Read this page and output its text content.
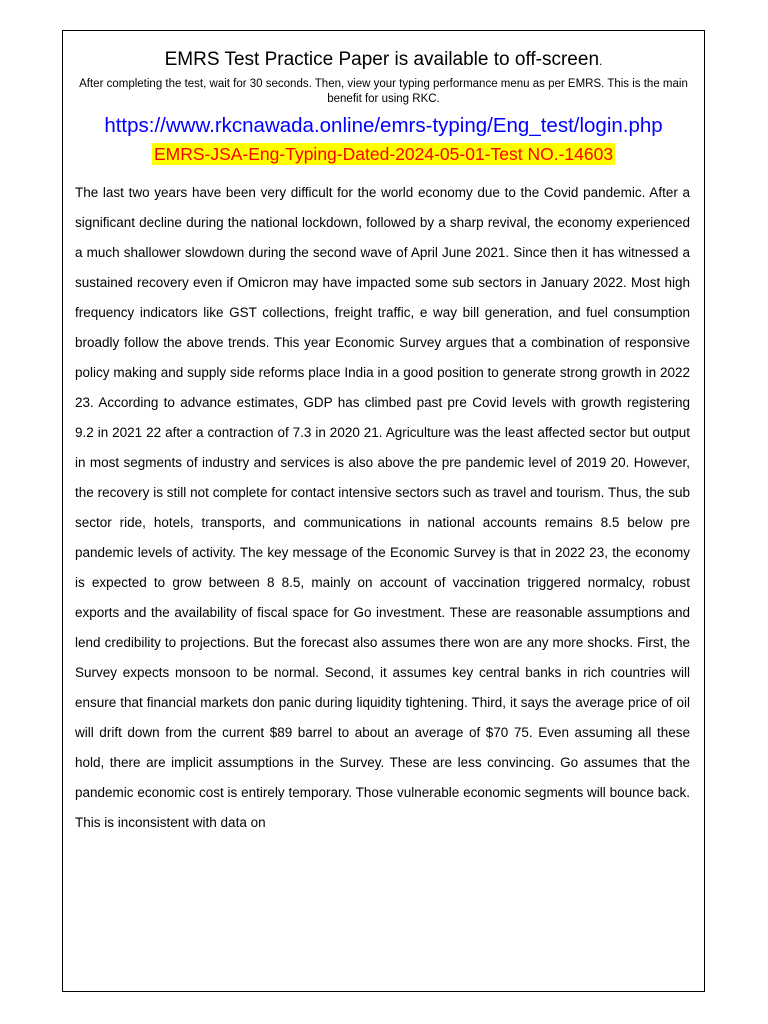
EMRS Test Practice Paper is available to off-screen.
After completing the test, wait for 30 seconds. Then, view your typing performance menu as per EMRS. This is the main benefit for using RKC.
https://www.rkcnawada.online/emrs-typing/Eng_test/login.php
EMRS-JSA-Eng-Typing-Dated-2024-05-01-Test NO.-14603
The last two years have been very difficult for the world economy due to the Covid pandemic. After a significant decline during the national lockdown, followed by a sharp revival, the economy experienced a much shallower slowdown during the second wave of April June 2021. Since then it has witnessed a sustained recovery even if Omicron may have impacted some sub sectors in January 2022. Most high frequency indicators like GST collections, freight traffic, e way bill generation, and fuel consumption broadly follow the above trends. This year Economic Survey argues that a combination of responsive policy making and supply side reforms place India in a good position to generate strong growth in 2022 23. According to advance estimates, GDP has climbed past pre Covid levels with growth registering 9.2 in 2021 22 after a contraction of 7.3 in 2020 21. Agriculture was the least affected sector but output in most segments of industry and services is also above the pre pandemic level of 2019 20. However, the recovery is still not complete for contact intensive sectors such as travel and tourism. Thus, the sub sector ride, hotels, transports, and communications in national accounts remains 8.5 below pre pandemic levels of activity. The key message of the Economic Survey is that in 2022 23, the economy is expected to grow between 8 8.5, mainly on account of vaccination triggered normalcy, robust exports and the availability of fiscal space for Go investment. These are reasonable assumptions and lend credibility to projections. But the forecast also assumes there won are any more shocks. First, the Survey expects monsoon to be normal. Second, it assumes key central banks in rich countries will ensure that financial markets don panic during liquidity tightening. Third, it says the average price of oil will drift down from the current $89 barrel to about an average of $70 75. Even assuming all these hold, there are implicit assumptions in the Survey. These are less convincing. Go assumes that the pandemic economic cost is entirely temporary. Those vulnerable economic segments will bounce back. This is inconsistent with data on
